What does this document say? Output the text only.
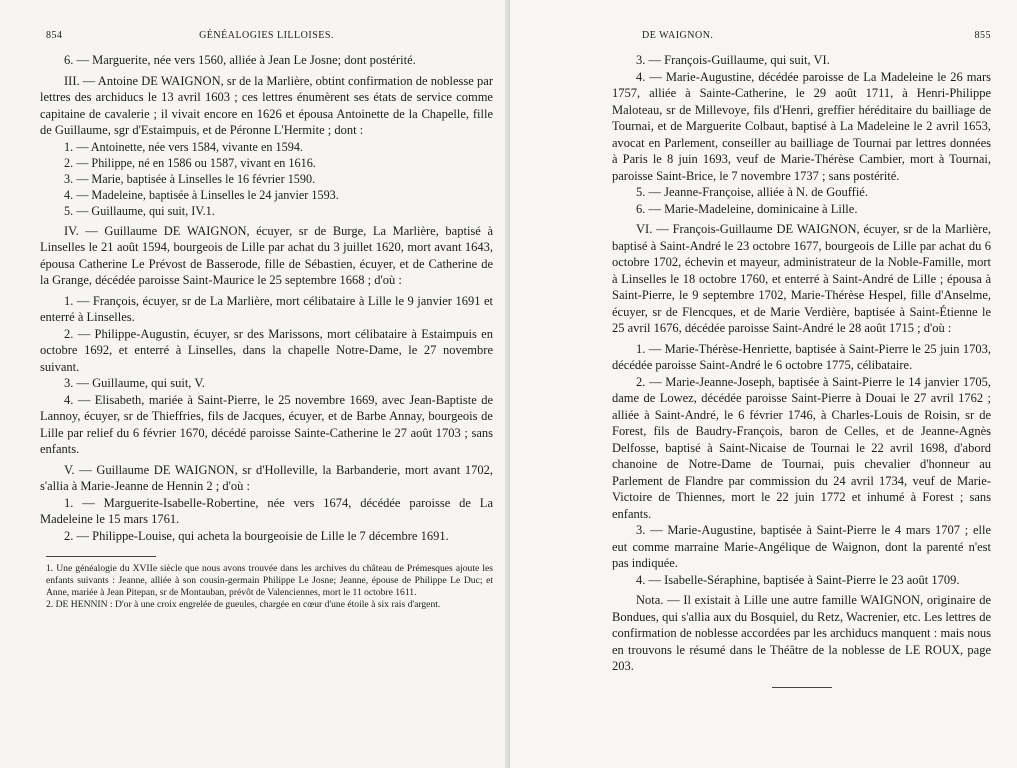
854	GÉNÉALOGIES LILLOISES.

6. — Marguerite, née vers 1560, alliée à Jean Le Josne; dont postérité.

III. — Antoine DE WAIGNON, sr de la Marlière, obtint confirmation de noblesse par lettres des archiducs le 13 avril 1603 ; ces lettres énumèrent ses états de service comme capitaine de cavalerie ; il vivait encore en 1626 et épousa Antoinette de la Chapelle, fille de Guillaume, sgr d'Estaimpuis, et de Péronne L'Hermite ; dont :

1. — Antoinette, née vers 1584, vivante en 1594.

2. — Philippe, né en 1586 ou 1587, vivant en 1616.

3. — Marie, baptisée à Linselles le 16 février 1590.

4. — Madeleine, baptisée à Linselles le 24 janvier 1593.

5. — Guillaume, qui suit, IV.1.

IV. — Guillaume DE WAIGNON, écuyer, sr de Burge, La Marlière, baptisé à Linselles le 21 août 1594, bourgeois de Lille par achat du 3 juillet 1620, mort avant 1643, épousa Catherine Le Prévost de Basserode, fille de Sébastien, écuyer, et de Catherine de la Grange, décédée paroisse Saint-Maurice le 25 septembre 1668 ; d'où :

1. — François, écuyer, sr de La Marlière, mort célibataire à Lille le 9 janvier 1691 et enterré à Linselles.

2. — Philippe-Augustin, écuyer, sr des Marissons, mort célibataire à Estaimpuis en octobre 1692, et enterré à Linselles, dans la chapelle Notre-Dame, le 27 novembre suivant.

3. — Guillaume, qui suit, V.

4. — Elisabeth, mariée à Saint-Pierre, le 25 novembre 1669, avec Jean-Baptiste de Lannoy, écuyer, sr de Thieffries, fils de Jacques, écuyer, et de Barbe Annay, bourgeois de Lille par relief du 6 février 1670, décédé paroisse Sainte-Catherine le 27 août 1703 ; sans enfants.

V. — Guillaume DE WAIGNON, sr d'Holleville, la Barbanderie, mort avant 1702, s'allia à Marie-Jeanne de Hennin 2 ; d'où :

1. — Marguerite-Isabelle-Robertine, née vers 1674, décédée paroisse de La Madeleine le 15 mars 1761.

2. — Philippe-Louise, qui acheta la bourgeoisie de Lille le 7 décembre 1691.

1. Une généalogie du XVIIe siècle que nous avons trouvée dans les archives du château de Prémesques ajoute les enfants suivants : Jeanne, alliée à son cousin-germain Philippe Le Josne; Jeanne, épouse de Philippe Le Duc; et Anne, mariée à Jean Pitepan, sr de Montauban, prévôt de Valenciennes, mort le 11 octobre 1611.

2. DE HENNIN : D'or à une croix engrelée de gueules, chargée en cœur d'une étoile à six rais d'argent.

DE WAIGNON.	855

3. — François-Guillaume, qui suit, VI.

4. — Marie-Augustine, décédée paroisse de La Madeleine le 26 mars 1757, alliée à Sainte-Catherine, le 29 août 1711, à Henri-Philippe Maloteau, sr de Millevoye, fils d'Henri, greffier héréditaire du bailliage de Tournai, et de Marguerite Colbaut, baptisé à La Madeleine le 2 avril 1653, avocat en Parlement, conseiller au bailliage de Tournai par lettres données à Paris le 8 juin 1693, veuf de Marie-Thérèse Cambier, mort à Tournai, paroisse Saint-Brice, le 7 novembre 1737 ; sans postérité.

5. — Jeanne-Françoise, alliée à N. de Gouffié.

6. — Marie-Madeleine, dominicaine à Lille.

VI. — François-Guillaume DE WAIGNON, écuyer, sr de la Marlière, baptisé à Saint-André le 23 octobre 1677, bourgeois de Lille par achat du 6 octobre 1702, échevin et mayeur, administrateur de la Noble-Famille, mort à Linselles le 18 octobre 1760, et enterré à Saint-André de Lille ; épousa à Saint-Pierre, le 9 septembre 1702, Marie-Thérèse Hespel, fille d'Anselme, écuyer, sr de Flencques, et de Marie Verdière, baptisée à Saint-Étienne le 25 avril 1676, décédée paroisse Saint-André le 28 août 1715 ; d'où :

1. — Marie-Thérèse-Henriette, baptisée à Saint-Pierre le 25 juin 1703, décédée paroisse Saint-André le 6 octobre 1775, célibataire.

2. — Marie-Jeanne-Joseph, baptisée à Saint-Pierre le 14 janvier 1705, dame de Lowez, décédée paroisse Saint-Pierre à Douai le 27 avril 1762 ; alliée à Saint-André, le 6 février 1746, à Charles-Louis de Roisin, sr de Forest, fils de Baudry-François, baron de Celles, et de Jeanne-Agnès Delfosse, baptisé à Saint-Nicaise de Tournai le 22 avril 1698, d'abord chanoine de Notre-Dame de Tournai, puis chevalier d'honneur au Parlement de Flandre par commission du 24 avril 1734, veuf de Marie-Victoire de Thiennes, mort le 22 juin 1772 et inhumé à Forest ; sans enfants.

3. — Marie-Augustine, baptisée à Saint-Pierre le 4 mars 1707 ; elle eut comme marraine Marie-Angélique de Waignon, dont la parenté n'est pas indiquée.

4. — Isabelle-Séraphine, baptisée à Saint-Pierre le 23 août 1709.

Nota. — Il existait à Lille une autre famille WAIGNON, originaire de Bondues, qui s'allia aux du Bosquiel, du Retz, Wacrenier, etc. Les lettres de confirmation de noblesse accordées par les archiducs manquent : mais nous en trouvons le résumé dans le Théâtre de la noblesse de LE ROUX, page 203.
